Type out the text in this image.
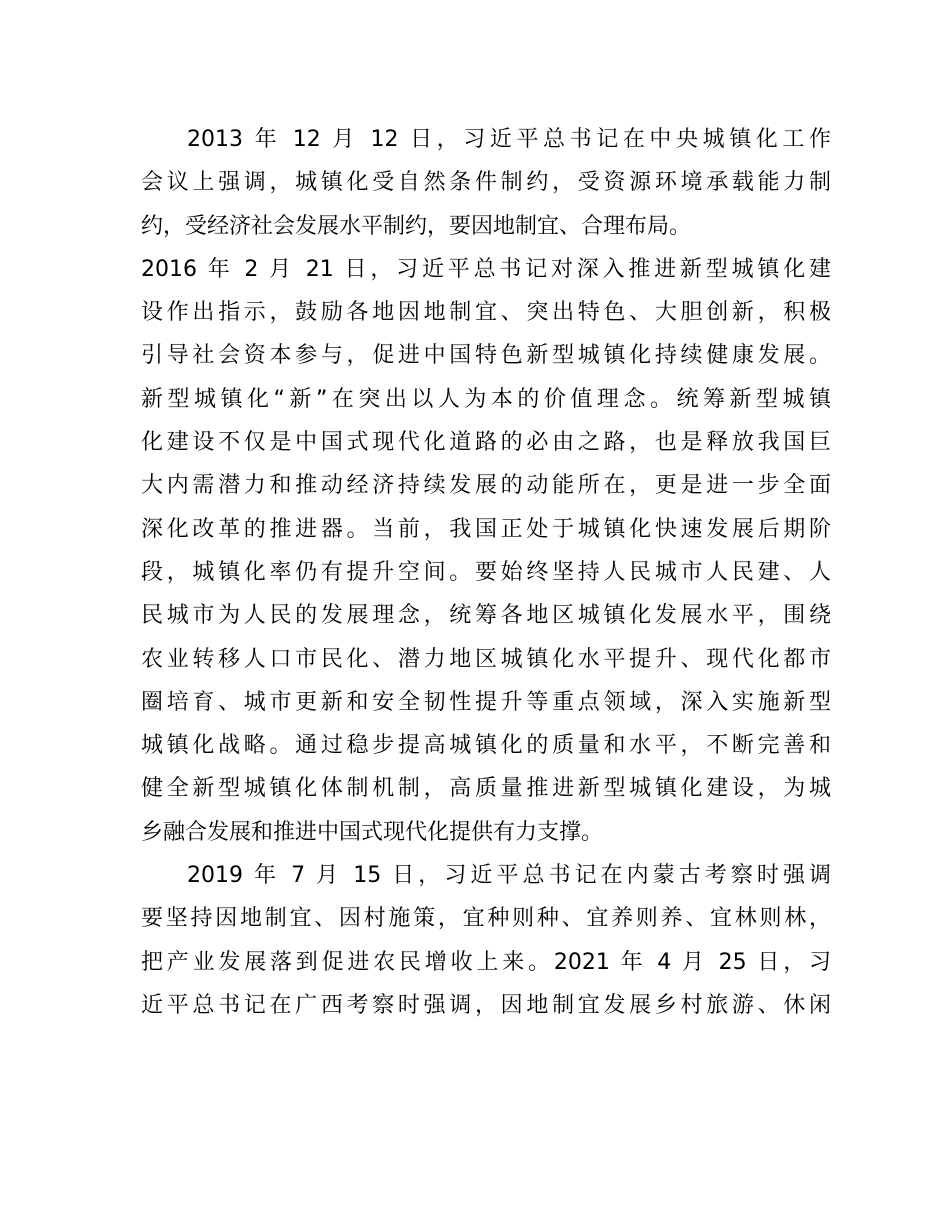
2013 年 12 月 12 日，习近平总书记在中央城镇化工作
会议上强调，城镇化受自然条件制约，受资源环境承载能力制
约，受经济社会发展水平制约，要因地制宜、合理布局。
2016 年 2 月 21 日，习近平总书记对深入推进新型城镇化建
设作出指示，鼓励各地因地制宜、突出特色、大胆创新，积极
引导社会资本参与，促进中国特色新型城镇化持续健康发展。
新型城镇化“新”在突出以人为本的价值理念。统筹新型城镇
化建设不仅是中国式现代化道路的必由之路，也是释放我国巨
大内需潜力和推动经济持续发展的动能所在，更是进一步全面
深化改革的推进器。当前，我国正处于城镇化快速发展后期阶
段，城镇化率仍有提升空间。要始终坚持人民城市人民建、人
民城市为人民的发展理念，统筹各地区城镇化发展水平，围绕
农业转移人口市民化、潜力地区城镇化水平提升、现代化都市
圈培育、城市更新和安全韧性提升等重点领域，深入实施新型
城镇化战略。通过稳步提高城镇化的质量和水平，不断完善和
健全新型城镇化体制机制，高质量推进新型城镇化建设，为城
乡融合发展和推进中国式现代化提供有力支撑。
2019 年 7 月 15 日，习近平总书记在内蒙古考察时强调
要坚持因地制宜、因村施策，宜种则种、宜养则养、宜林则林，
把产业发展落到促进农民增收上来。2021 年 4 月 25 日，习
近平总书记在广西考察时强调，因地制宜发展乡村旅游、休闲
